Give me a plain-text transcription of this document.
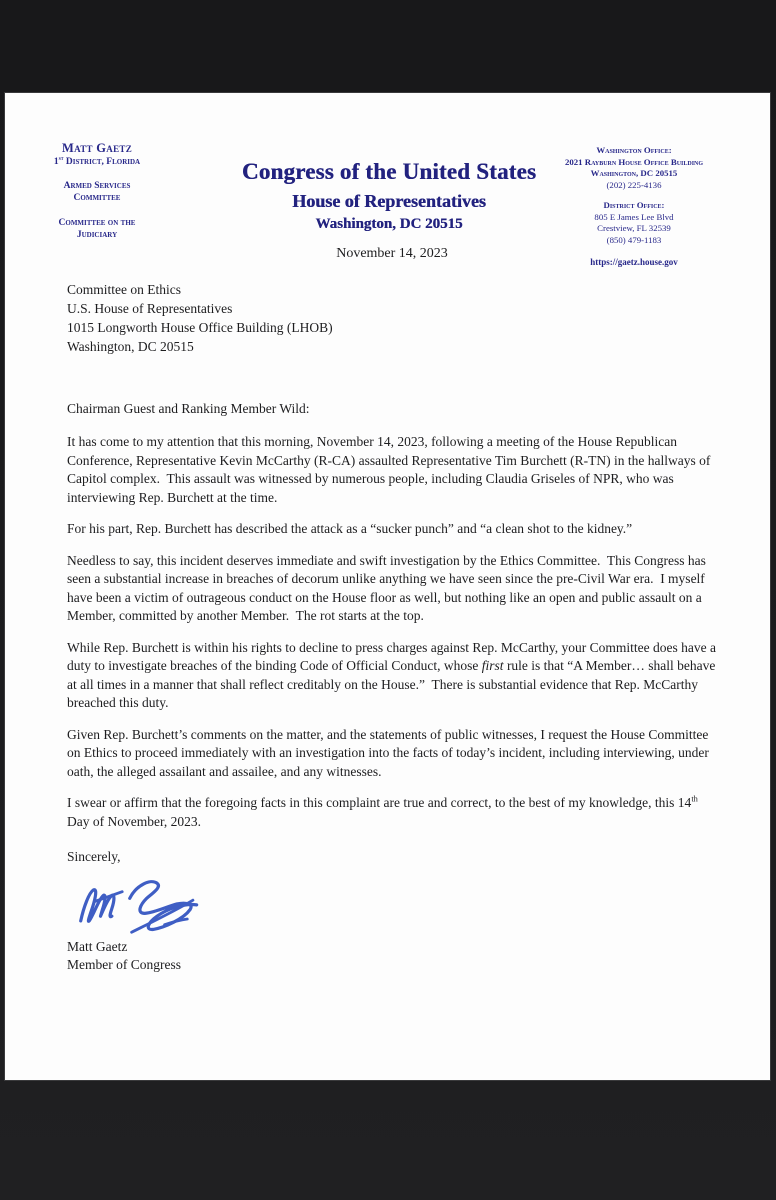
Matt Gaetz
1st District, Florida
Armed Services
Committee
Committee on the
Judiciary
Congress of the United States
House of Representatives
Washington, DC 20515
Washington Office:
2021 Rayburn House Office Building
Washington, DC 20515
(202) 225-4136
District Office:
805 E James Lee Blvd
Crestview, FL 32539
(850) 479-1183
https://gaetz.house.gov
November 14, 2023
Committee on Ethics
U.S. House of Representatives
1015 Longworth House Office Building (LHOB)
Washington, DC 20515
Chairman Guest and Ranking Member Wild:

It has come to my attention that this morning, November 14, 2023, following a meeting of the House Republican Conference, Representative Kevin McCarthy (R-CA) assaulted Representative Tim Burchett (R-TN) in the hallways of Capitol complex.  This assault was witnessed by numerous people, including Claudia Griseles of NPR, who was interviewing Rep. Burchett at the time.

For his part, Rep. Burchett has described the attack as a “sucker punch” and “a clean shot to the kidney.”

Needless to say, this incident deserves immediate and swift investigation by the Ethics Committee.  This Congress has seen a substantial increase in breaches of decorum unlike anything we have seen since the pre-Civil War era.  I myself have been a victim of outrageous conduct on the House floor as well, but nothing like an open and public assault on a Member, committed by another Member.  The rot starts at the top.

While Rep. Burchett is within his rights to decline to press charges against Rep. McCarthy, your Committee does have a duty to investigate breaches of the binding Code of Official Conduct, whose first rule is that “A Member… shall behave at all times in a manner that shall reflect creditably on the House.”  There is substantial evidence that Rep. McCarthy breached this duty.

Given Rep. Burchett’s comments on the matter, and the statements of public witnesses, I request the House Committee on Ethics to proceed immediately with an investigation into the facts of today’s incident, including interviewing, under oath, the alleged assailant and assailee, and any witnesses.

I swear or affirm that the foregoing facts in this complaint are true and correct, to the best of my knowledge, this 14th Day of November, 2023.

Sincerely,
Matt Gaetz
Member of Congress
